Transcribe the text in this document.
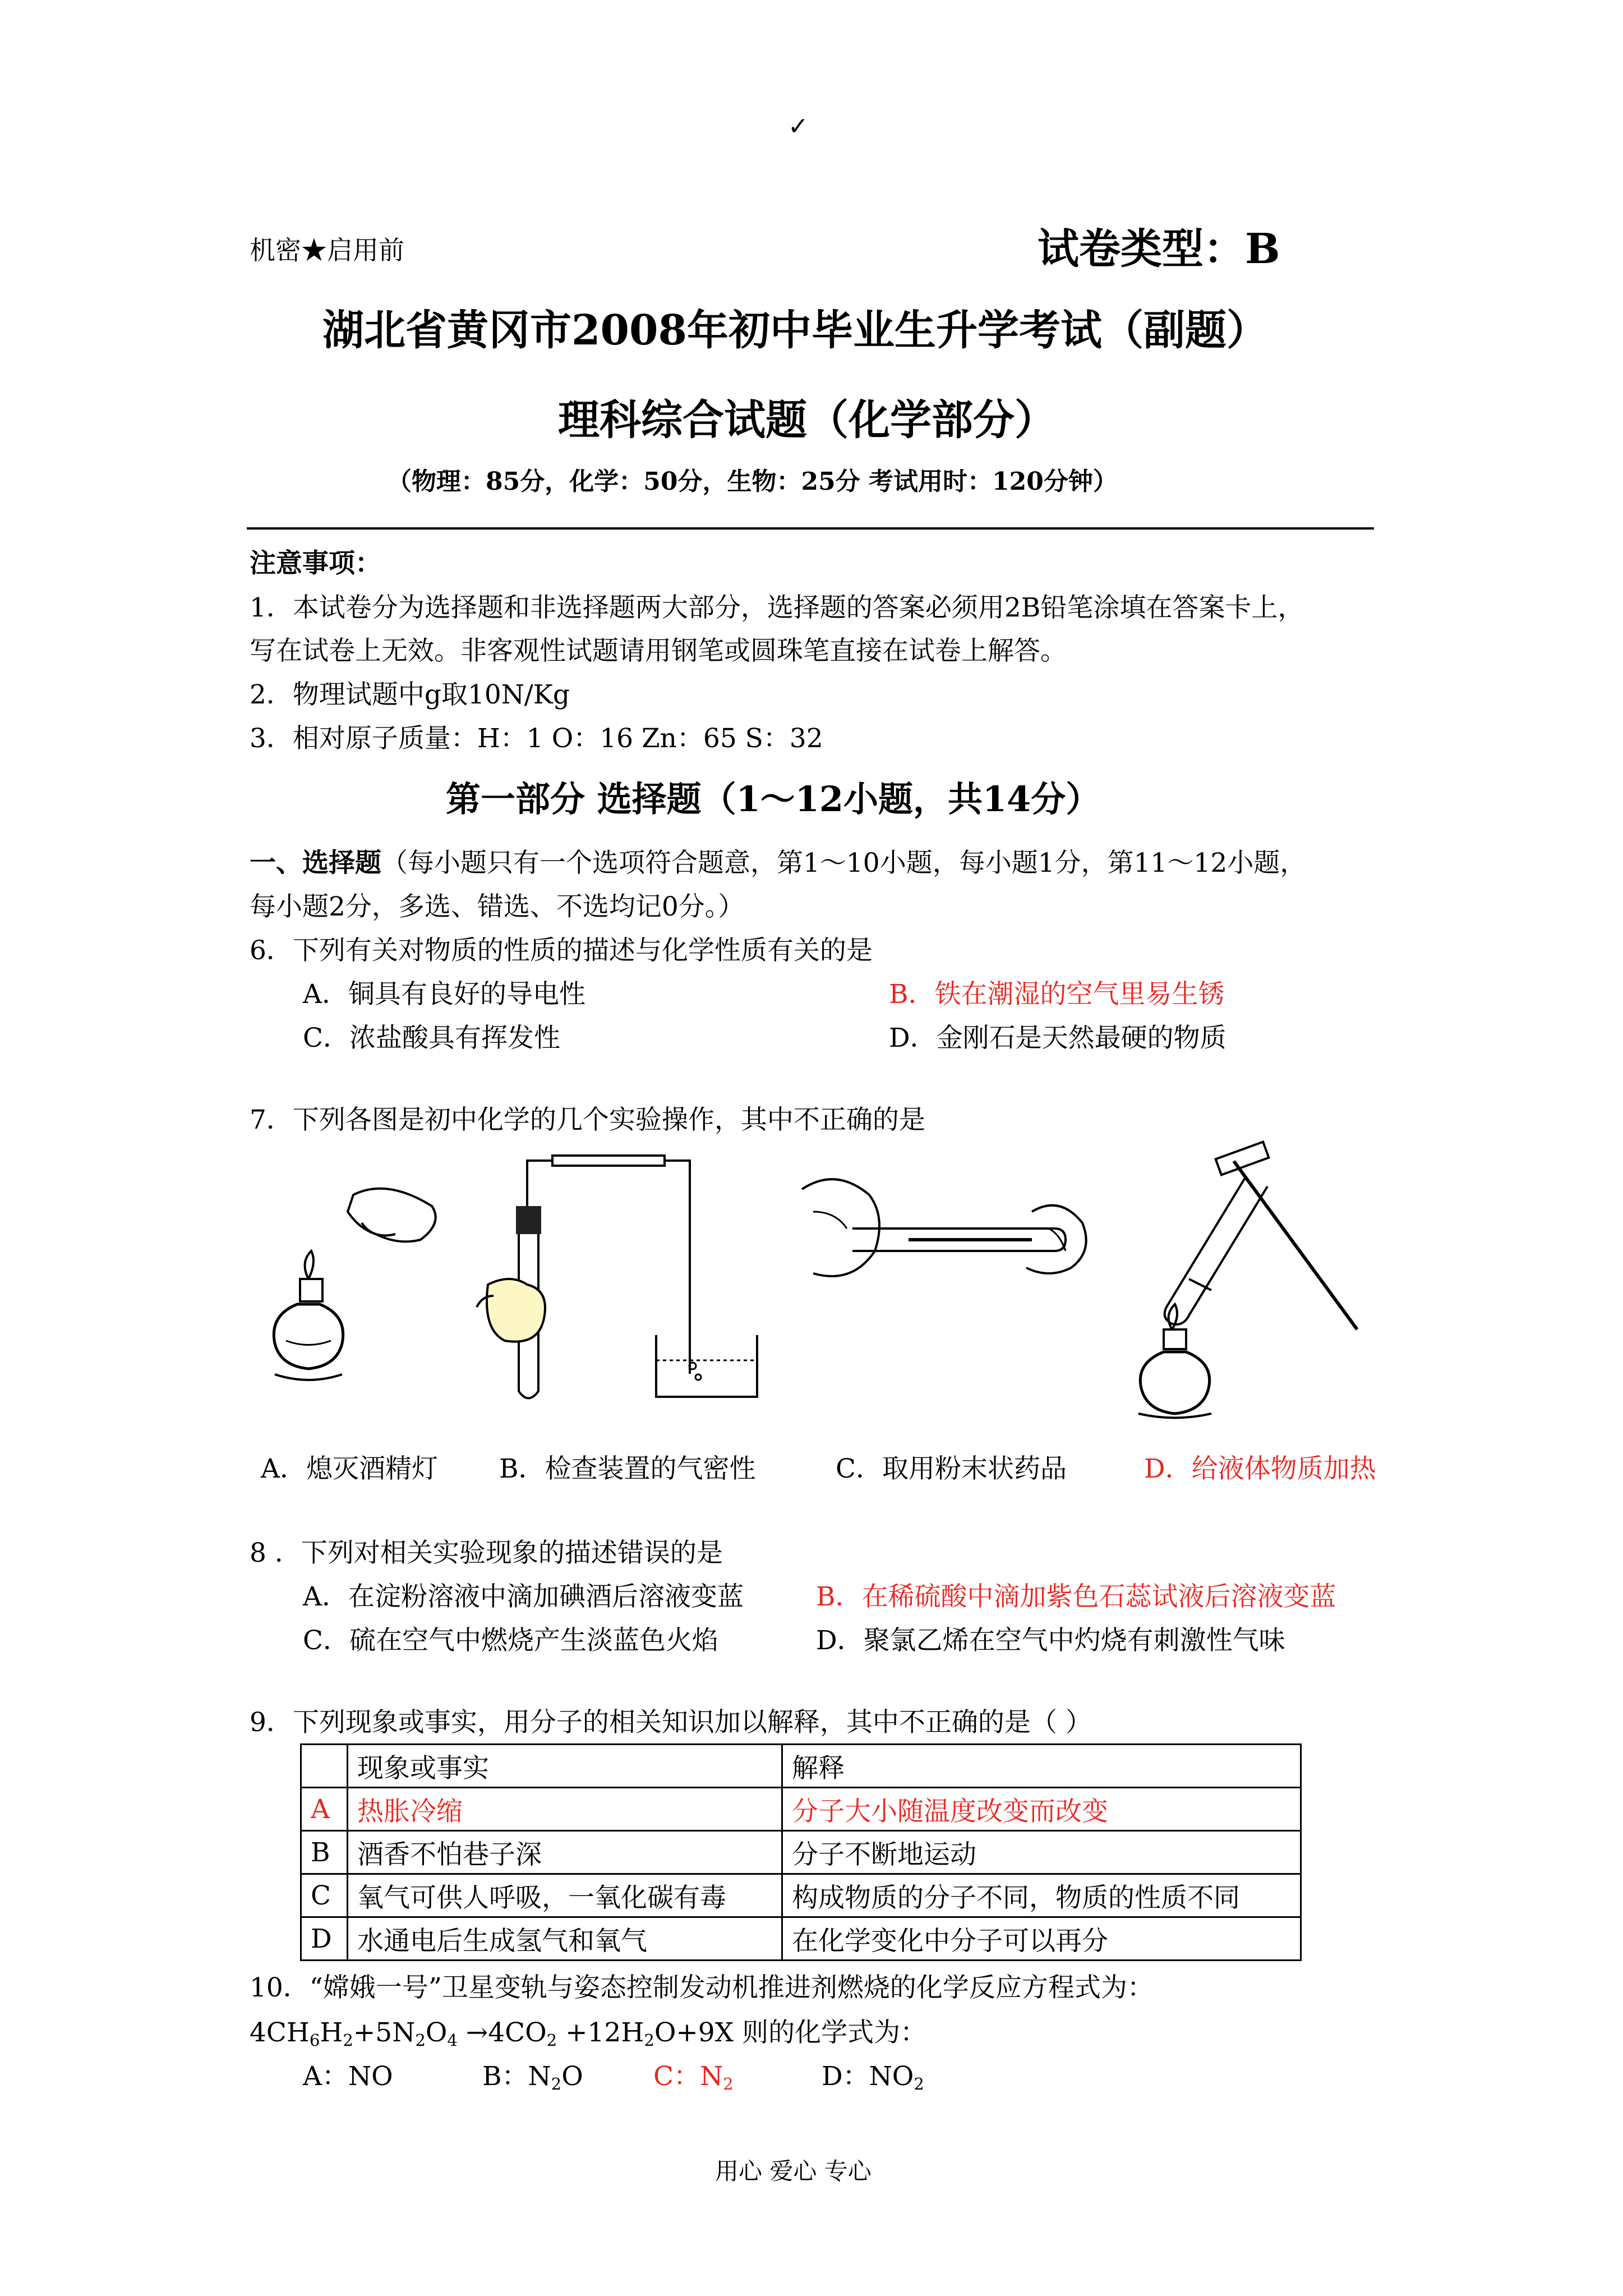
✓
机密★启用前	试卷类型：B
湖北省黄冈市2008年初中毕业生升学考试（副题）
理科综合试题（化学部分）
（物理：85分，化学：50分，生物：25分 考试用时：120分钟）
注意事项：
1．本试卷分为选择题和非选择题两大部分，选择题的答案必须用2B铅笔涂填在答案卡上，
写在试卷上无效。非客观性试题请用钢笔或圆珠笔直接在试卷上解答。
2．物理试题中g取10N/Kg
3．相对原子质量：H：1 O：16 Zn：65 S：32
第一部分 选择题（1～12小题，共14分）
一、选择题（每小题只有一个选项符合题意，第1～10小题，每小题1分，第11～12小题，
每小题2分，多选、错选、不选均记0分。）
6．下列有关对物质的性质的描述与化学性质有关的是
A．铜具有良好的导电性	B．铁在潮湿的空气里易生锈
C．浓盐酸具有挥发性	D．金刚石是天然最硬的物质
7．下列各图是初中化学的几个实验操作，其中不正确的是
A．熄灭酒精灯 B．检查装置的气密性	C．取用粉末状药品	D．给液体物质加热
8 ．下列对相关实验现象的描述错误的是
A．在淀粉溶液中滴加碘酒后溶液变蓝	B．在稀硫酸中滴加紫色石蕊试液后溶液变蓝
C．硫在空气中燃烧产生淡蓝色火焰	D．聚氯乙烯在空气中灼烧有刺激性气味
9．下列现象或事实，用分子的相关知识加以解释，其中不正确的是（ ）
	现象或事实	解释
A	热胀冷缩	分子大小随温度改变而改变
B	酒香不怕巷子深	分子不断地运动
C	氧气可供人呼吸，一氧化碳有毒	构成物质的分子不同，物质的性质不同
D	水通电后生成氢气和氧气	在化学变化中分子可以再分
10．“嫦娥一号”卫星变轨与姿态控制发动机推进剂燃烧的化学反应方程式为：
4CH6H2+5N2O4 →4CO2 +12H2O+9X 则的化学式为：
A：NO	B：N2O	C：N2	D：NO2
用心 爱心 专心
